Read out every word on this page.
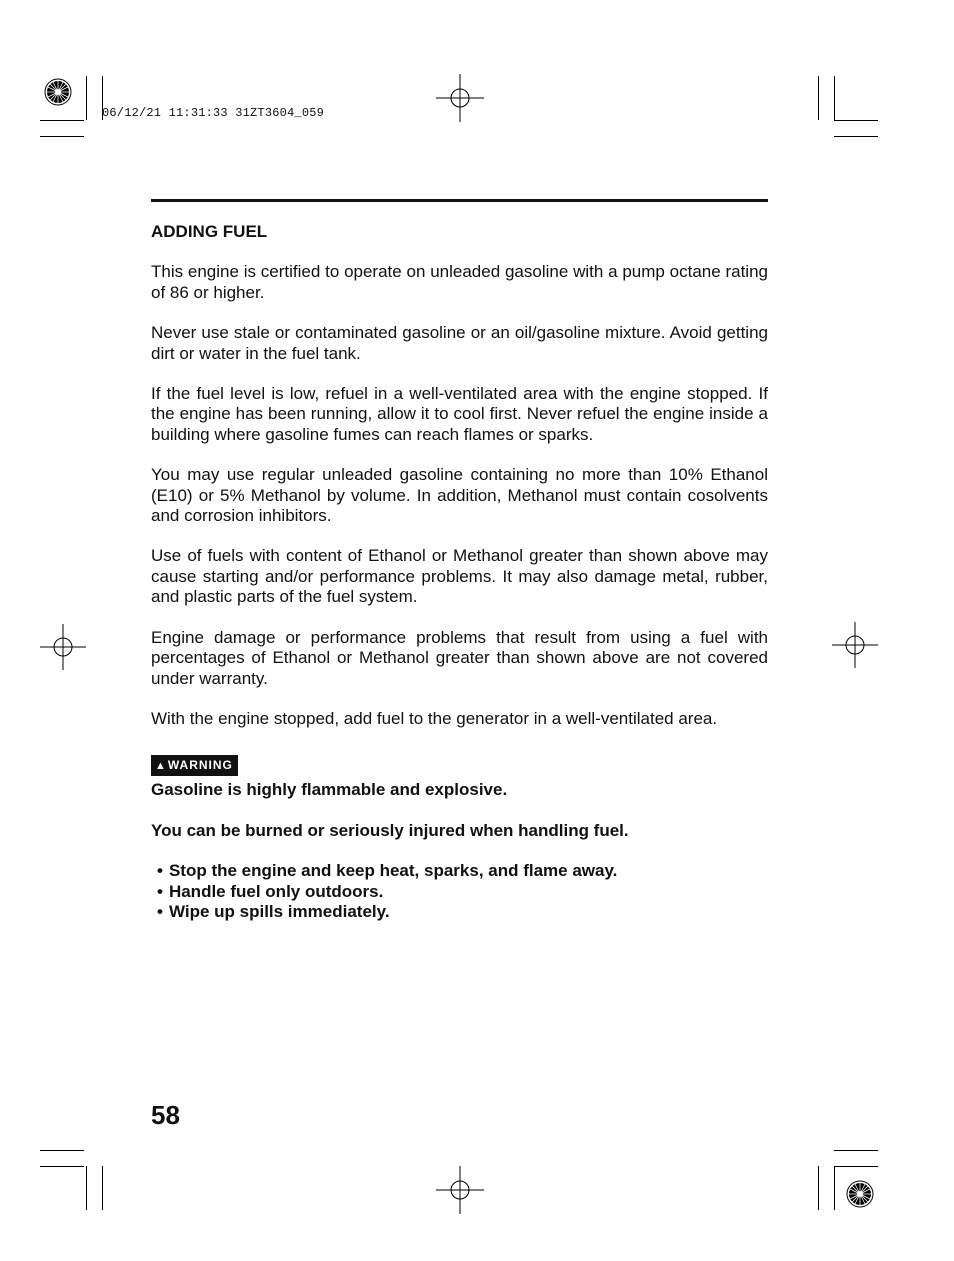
06/12/21 11:31:33 31ZT3604_059
ADDING FUEL

This engine is certified to operate on unleaded gasoline with a pump octane rating of 86 or higher.

Never use stale or contaminated gasoline or an oil/gasoline mixture. Avoid getting dirt or water in the fuel tank.

If the fuel level is low, refuel in a well-ventilated area with the engine stopped. If the engine has been running, allow it to cool first. Never refuel the engine inside a building where gasoline fumes can reach flames or sparks.

You may use regular unleaded gasoline containing no more than 10% Ethanol (E10) or 5% Methanol by volume. In addition, Methanol must contain cosolvents and corrosion inhibitors.

Use of fuels with content of Ethanol or Methanol greater than shown above may cause starting and/or performance problems. It may also damage metal, rubber, and plastic parts of the fuel system.

Engine damage or performance problems that result from using a fuel with percentages of Ethanol or Methanol greater than shown above are not covered under warranty.

With the engine stopped, add fuel to the generator in a well-ventilated area.

▲WARNING

Gasoline is highly flammable and explosive.

You can be burned or seriously injured when handling fuel.

• Stop the engine and keep heat, sparks, and flame away.
• Handle fuel only outdoors.
• Wipe up spills immediately.
58
